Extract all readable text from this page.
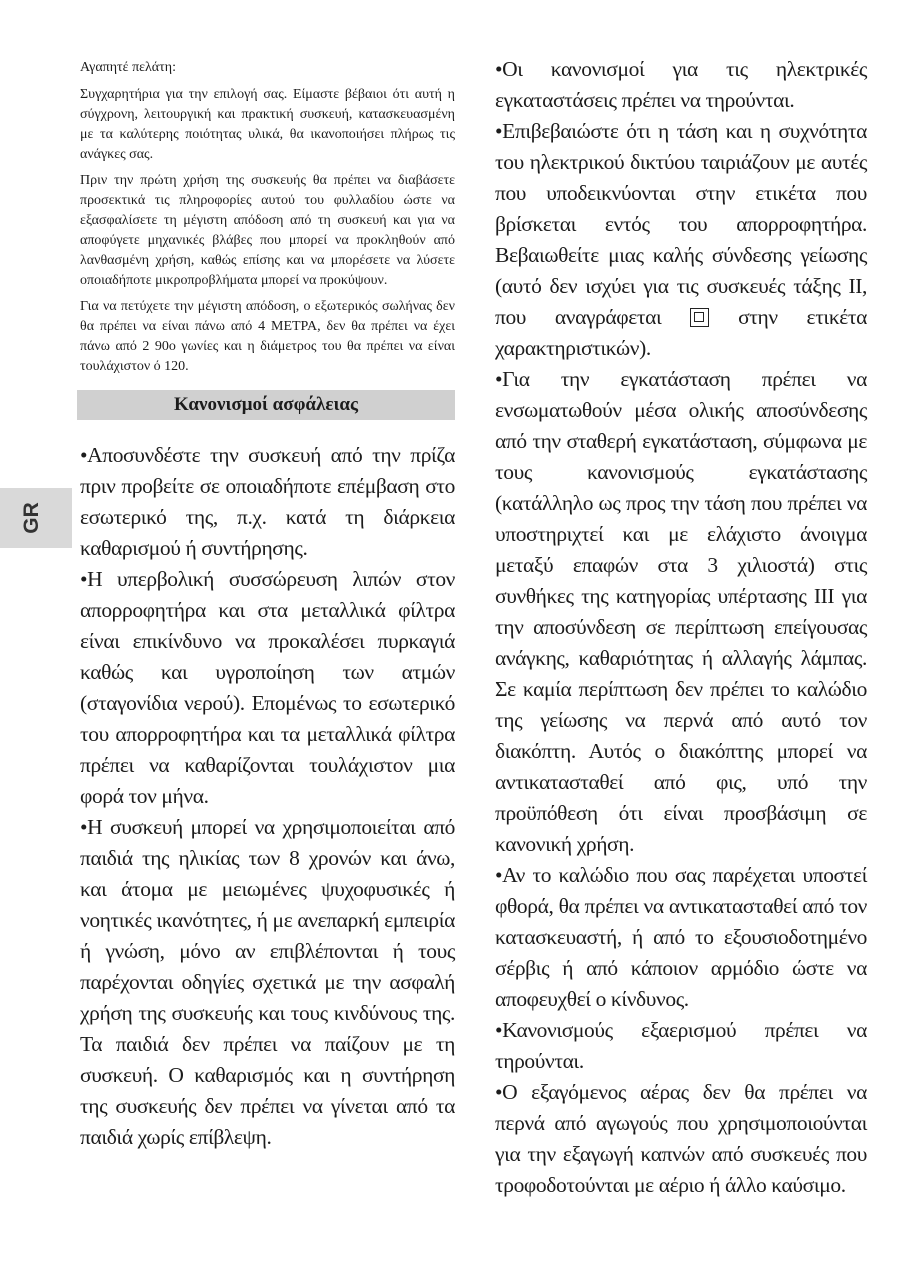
GR

Αγαπητέ πελάτη:

Συγχαρητήρια για την επιλογή σας. Είμαστε βέβαιοι ότι αυτή η σύγχρονη, λειτουργική και πρακτική συσκευή, κατασκευασμένη με τα καλύτερης ποιότητας υλικά, θα ικανοποιήσει πλήρως τις ανάγκες σας.

Πριν την πρώτη χρήση της συσκευής θα πρέπει να διαβάσετε προσεκτικά τις πληροφορίες αυτού του φυλλαδίου ώστε να εξασφαλίσετε τη μέγιστη απόδοση από τη συσκευή και για να αποφύγετε μηχανικές βλάβες που μπορεί να προκληθούν από λανθασμένη χρήση, καθώς επίσης και να μπορέσετε να λύσετε οποιαδήποτε μικροπροβλήματα μπορεί να προκύψουν.

Για να πετύχετε την μέγιστη απόδοση, ο εξωτερικός σωλήνας δεν θα πρέπει να είναι πάνω από 4 ΜΕΤΡΑ, δεν θα πρέπει να έχει πάνω από 2 90ο γωνίες και η διάμετρος του θα πρέπει να είναι τουλάχιστον ό 120.

Κανονισμοί ασφάλειας

•Αποσυνδέστε την συσκευή από την πρίζα πριν προβείτε σε οποιαδήποτε επέμβαση στο εσωτερικό της, π.χ. κατά τη διάρκεια καθαρισμού ή συντήρησης.

•Η υπερβολική συσσώρευση λιπών στον απορροφητήρα και στα μεταλλικά φίλτρα είναι επικίνδυνο να προκαλέσει πυρκαγιά καθώς και υγροποίηση των ατμών (σταγονίδια νερού). Επομένως το εσωτερικό του απορροφητήρα και τα μεταλλικά φίλτρα πρέπει να καθαρίζονται τουλάχιστον μια φορά τον μήνα.

•Η συσκευή μπορεί να χρησιμοποιείται από παιδιά της ηλικίας των 8 χρονών και άνω, και άτομα με μειωμένες ψυχοφυσικές ή νοητικές ικανότητες, ή με ανεπαρκή εμπειρία ή γνώση, μόνο αν επιβλέπονται ή τους παρέχονται οδηγίες σχετικά με την ασφαλή χρήση της συσκευής και τους κινδύνους της. Τα παιδιά δεν πρέπει να παίζουν με τη συσκευή. Ο καθαρισμός και η συντήρηση της συσκευής δεν πρέπει να γίνεται από τα παιδιά χωρίς επίβλεψη.

•Οι κανονισμοί για τις ηλεκτρικές εγκαταστάσεις πρέπει να τηρούνται.

•Επιβεβαιώστε ότι η τάση και η συχνότητα του ηλεκτρικού δικτύου ταιριάζουν με αυτές που υποδεικνύονται στην ετικέτα που βρίσκεται εντός του απορροφητήρα. Βεβαιωθείτε μιας καλής σύνδεσης γείωσης (αυτό δεν ισχύει για τις συσκευές τάξης ΙΙ, που αναγράφεται	στην ετικέτα χαρακτηριστικών).

•Για την εγκατάσταση πρέπει να ενσωματωθούν μέσα ολικής αποσύνδεσης από την σταθερή εγκατάσταση, σύμφωνα με τους κανονισμούς εγκατάστασης (κατάλληλο ως προς την τάση που πρέπει να υποστηριχτεί και με ελάχιστο άνοιγμα μεταξύ επαφών στα 3 χιλιοστά) στις συνθήκες της κατηγορίας υπέρτασης ΙΙΙ για την αποσύνδεση σε περίπτωση επείγουσας ανάγκης, καθαριότητας ή αλλαγής λάμπας. Σε καμία περίπτωση δεν πρέπει το καλώδιο της γείωσης να περνά από αυτό τον διακόπτη. Αυτός ο διακόπτης μπορεί να αντικατασταθεί από φις, υπό την προϋπόθεση ότι είναι προσβάσιμη σε κανονική χρήση.

•Αν το καλώδιο που σας παρέχεται υποστεί φθορά, θα πρέπει να αντικατασταθεί από τον κατασκευαστή, ή από το εξουσιοδοτημένο σέρβις ή από κάποιον αρμόδιο ώστε να αποφευχθεί ο κίνδυνος.

•Κανονισμούς εξαερισμού πρέπει να τηρούνται.

•Ο εξαγόμενος αέρας δεν θα πρέπει να περνά από αγωγούς που χρησιμοποιούνται για την εξαγωγή καπνών από συσκευές που τροφοδοτούνται με αέριο ή άλλο καύσιμο.
